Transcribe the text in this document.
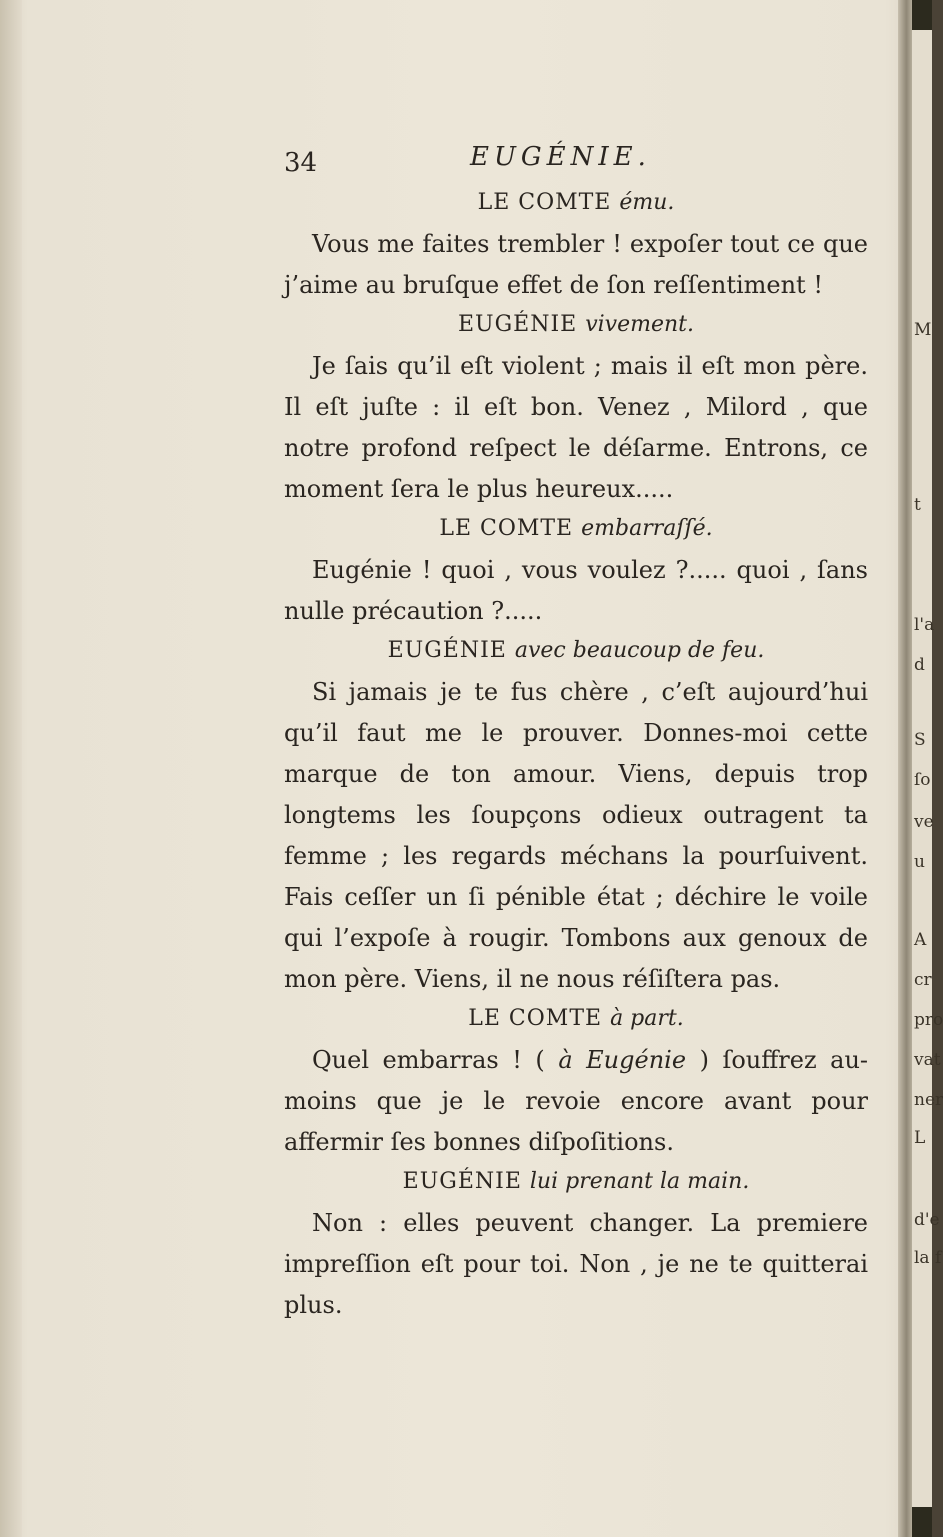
34	EUGÉNIE.
LE COMTE ému.

Vous me faites trembler ! expoſer tout ce que j’aime au bruſque effet de ſon reſſentiment !

EUGÉNIE vivement.

Je ſais qu’il eſt violent ; mais il eſt mon père. Il eſt juſte : il eſt bon. Venez , Milord , que notre profond reſpect le déſarme. Entrons, ce moment ſera le plus heureux.....

LE COMTE embarraſſé.

Eugénie ! quoi , vous voulez ?..... quoi , ſans nulle précaution ?.....

EUGÉNIE avec beaucoup de feu.

Si jamais je te fus chère , c’eſt aujourd’hui qu’il faut me le prouver. Donnes-moi cette marque de ton amour. Viens, depuis trop longtems les ſoupçons odieux outragent ta femme ; les regards méchans la pourſuivent. Fais ceſſer un ſi pénible état ; déchire le voile qui l’expoſe à rougir. Tombons aux genoux de mon père. Viens, il ne nous réſiſtera pas.

LE COMTE à part.

Quel embarras ! ( à Eugénie ) ſouffrez au-moins que je le revoie encore avant pour affermir ſes bonnes diſpoſitions.

EUGÉNIE lui prenant la main.

Non : elles peuvent changer. La premiere impreſſion eſt pour toi. Non , je ne te quitterai plus.

M
t
l'a
d
S
ſo
ve
u
A
cr
pro
vat
ner
L
d'e
la f
